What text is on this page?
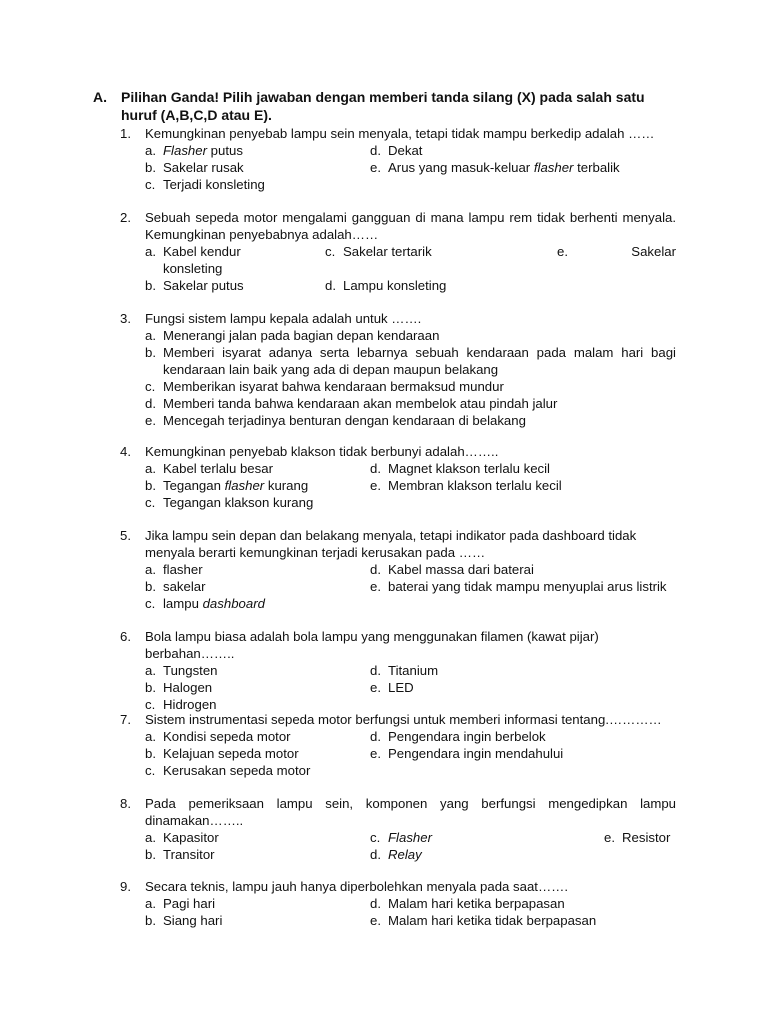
A. Pilihan Ganda! Pilih jawaban dengan memberi tanda silang (X) pada salah satu huruf (A,B,C,D atau E).
1. Kemungkinan penyebab lampu sein menyala, tetapi tidak mampu berkedip adalah ……
a. Flasher putus	d. Dekat
b. Sakelar rusak	e. Arus yang masuk-keluar flasher terbalik
c. Terjadi konsleting
2. Sebuah sepeda motor mengalami gangguan di mana lampu rem tidak berhenti menyala. Kemungkinan penyebabnya adalah……
a. Kabel kendur	c. Sakelar tertarik	e.	Sakelar
konsleting
b. Sakelar putus	d. Lampu konsleting
3. Fungsi sistem lampu kepala adalah untuk …….
a. Menerangi jalan pada bagian depan kendaraan
b. Memberi isyarat adanya serta lebarnya sebuah kendaraan pada malam hari bagi kendaraan lain baik yang ada di depan maupun belakang
c. Memberikan isyarat bahwa kendaraan bermaksud mundur
d. Memberi tanda bahwa kendaraan akan membelok atau pindah jalur
e. Mencegah terjadinya benturan dengan kendaraan di belakang
4. Kemungkinan penyebab klakson tidak berbunyi adalah……..
a. Kabel terlalu besar	d. Magnet klakson terlalu kecil
b. Tegangan flasher kurang	e. Membran klakson terlalu kecil
c. Tegangan klakson kurang
5. Jika lampu sein depan dan belakang menyala, tetapi indikator pada dashboard tidak menyala berarti kemungkinan terjadi kerusakan pada ……
a. flasher	d. Kabel massa dari baterai
b. sakelar	e. baterai yang tidak mampu menyuplai arus listrik
c. lampu dashboard
6. Bola lampu biasa adalah bola lampu yang menggunakan filamen (kawat pijar) berbahan……..
a. Tungsten	d. Titanium
b. Halogen	e. LED
c. Hidrogen
7. Sistem instrumentasi sepeda motor berfungsi untuk memberi informasi tentang.…………
a. Kondisi sepeda motor	d. Pengendara ingin berbelok
b. Kelajuan sepeda motor	e. Pengendara ingin mendahului
c. Kerusakan sepeda motor
8. Pada pemeriksaan lampu sein, komponen yang berfungsi mengedipkan lampu dinamakan……..
a. Kapasitor	c. Flasher	e. Resistor
b. Transitor	d. Relay
9. Secara teknis, lampu jauh hanya diperbolehkan menyala pada saat…….
a. Pagi hari	d. Malam hari ketika berpapasan
b. Siang hari	e. Malam hari ketika tidak berpapasan
